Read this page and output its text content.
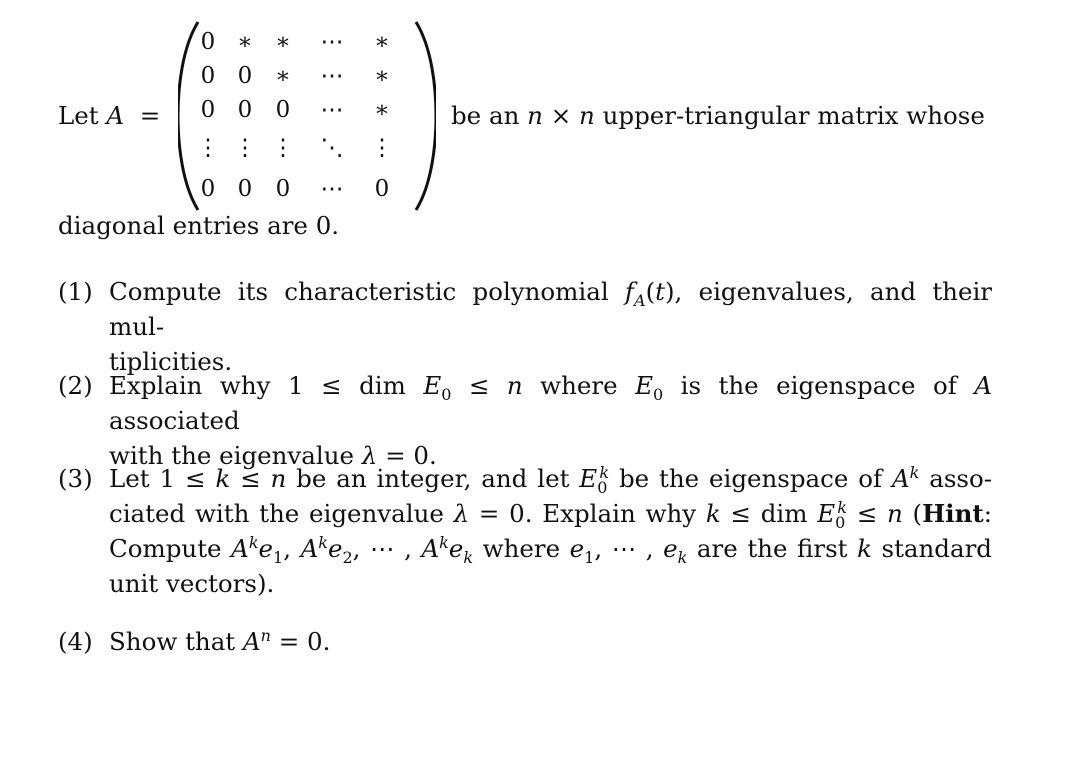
Let A =
0 ∗ ∗ ⋯ ∗
0 0 ∗ ⋯ ∗
0 0 0 ⋯ ∗
⋮ ⋮ ⋮ ⋱ ⋮
0 0 0 ⋯ 0
be an n × n upper-triangular matrix whose
diagonal entries are 0.
(1) Compute its characteristic polynomial $f_A(t)$, eigenvalues, and their mul-
tiplicities.
(2) Explain why 1 ≤ dim $E_0 \le n$ where $E_0$ is the eigenspace of A associated
with the eigenvalue λ = 0.
(3) Let 1 ≤ k ≤ n be an integer, and let $E_0^k$ be the eigenspace of $A^k$ asso-
ciated with the eigenvalue λ = 0. Explain why k ≤ dim $E_0^k \le n$ (Hint:
Compute $A^ke_1$, $A^ke_2$, ⋯ , $A^ke_k$ where $e_1$, ⋯ , $e_k$ are the first k standard
unit vectors).
(4) Show that $A^n = 0$.
